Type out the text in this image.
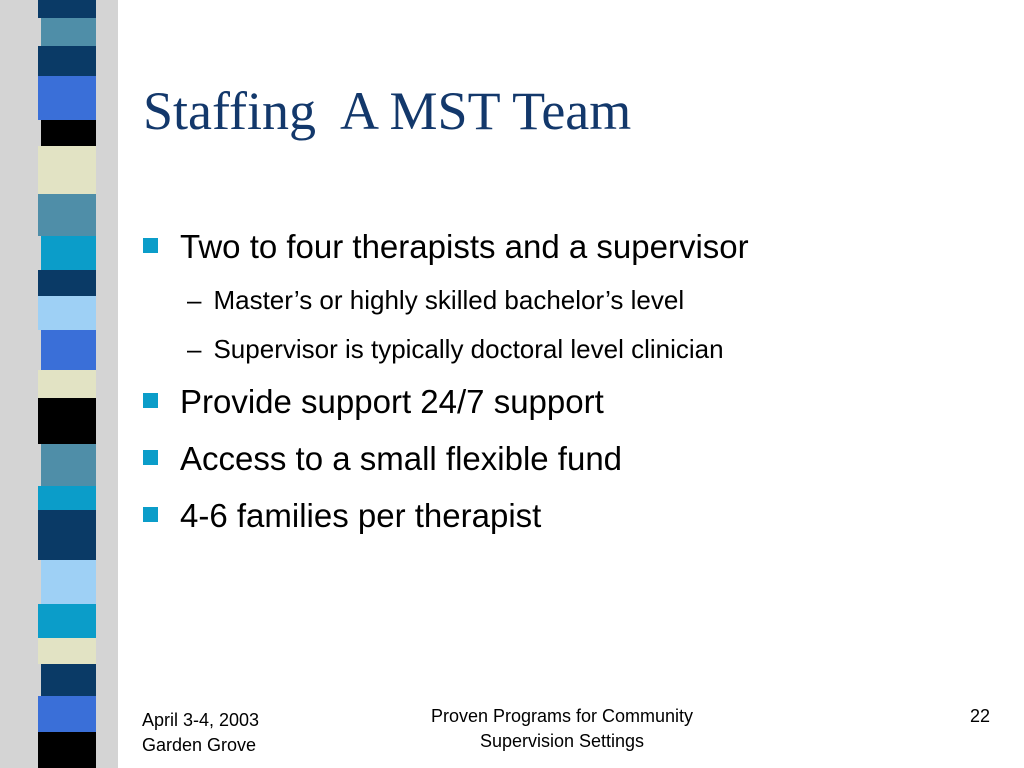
Staffing  A MST Team
Two to four therapists and a supervisor
– Master’s or highly skilled bachelor’s level
– Supervisor is typically doctoral level clinician
Provide support 24/7 support
Access to a small flexible fund
4-6 families per therapist
April 3-4, 2003
Garden Grove
Proven Programs for Community
Supervision Settings
22
